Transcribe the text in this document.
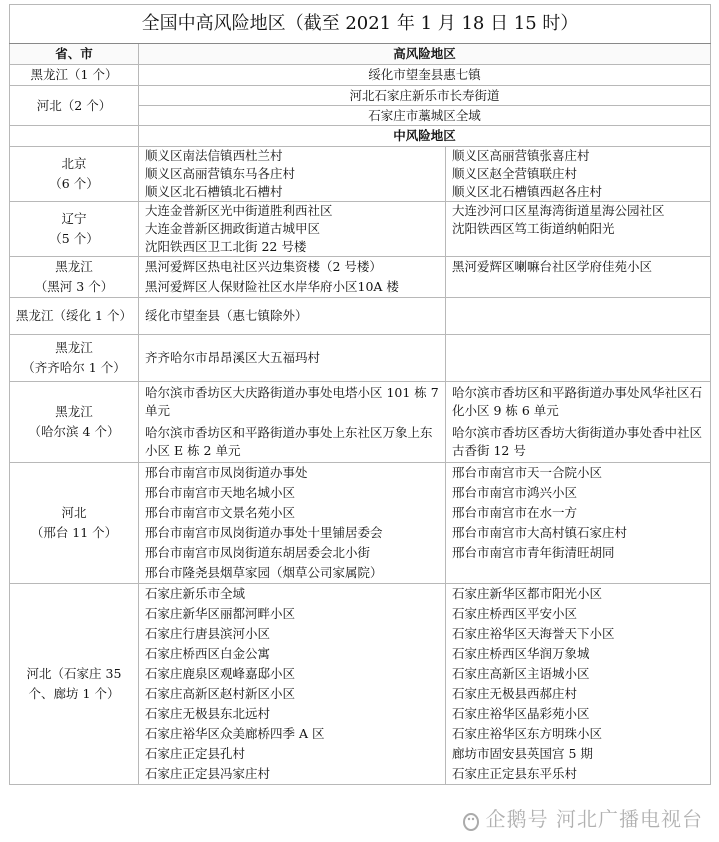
全国中高风险地区（截至 2021 年 1 月 18 日 15 时）		
省、市	高风险地区	
黑龙江（1 个）	绥化市望奎县惠七镇	
河北（2 个）	河北石家庄新乐市长寿街道	
	石家庄市藁城区全域	
	中风险地区	
北京
（6 个）	顺义区南法信镇西杜兰村	顺义区高丽营镇张喜庄村
	顺义区高丽营镇东马各庄村	顺义区赵全营镇联庄村
	顺义区北石槽镇北石槽村	顺义区北石槽镇西赵各庄村
辽宁
（5 个）	大连金普新区光中街道胜利西社区	大连沙河口区星海湾街道星海公园社区
	大连金普新区拥政街道古城甲区	沈阳铁西区笃工街道纳帕阳光
	沈阳铁西区卫工北街 22 号楼	
黑龙江
（黑河 3 个）	黑河爱辉区热电社区兴边集资楼（2 号楼）	黑河爱辉区喇嘛台社区学府佳苑小区
	黑河爱辉区人保财险社区水岸华府小区10A 楼	
黑龙江（绥化 1 个）	绥化市望奎县（惠七镇除外）	
黑龙江
（齐齐哈尔 1 个）	齐齐哈尔市昂昂溪区大五福玛村	
黑龙江
（哈尔滨 4 个）	哈尔滨市香坊区大庆路街道办事处电塔小区 101 栋 7 单元	哈尔滨市香坊区和平路街道办事处风华社区石化小区 9 栋 6 单元
	哈尔滨市香坊区和平路街道办事处上东社区万象上东小区 E 栋 2 单元	哈尔滨市香坊区香坊大街街道办事处香中社区古香街 12 号
河北
（邢台 11 个）	邢台市南宫市凤岗街道办事处	邢台市南宫市天一合院小区
	邢台市南宫市天地名城小区	邢台市南宫市鸿兴小区
	邢台市南宫市文景名苑小区	邢台市南宫市在水一方
	邢台市南宫市凤岗街道办事处十里铺居委会	邢台市南宫市大高村镇石家庄村
	邢台市南宫市凤岗街道东胡居委会北小街	邢台市南宫市青年街清旺胡同
	邢台市隆尧县烟草家园（烟草公司家属院）	
河北（石家庄 35
个、廊坊 1 个）	石家庄新乐市全域	石家庄新华区都市阳光小区
	石家庄新华区丽都河畔小区	石家庄桥西区平安小区
	石家庄行唐县滨河小区	石家庄裕华区天海誉天下小区
	石家庄桥西区白金公寓	石家庄桥西区华润万象城
	石家庄鹿泉区观峰嘉邸小区	石家庄高新区主语城小区
	石家庄高新区赵村新区小区	石家庄无极县西郝庄村
	石家庄无极县东北远村	石家庄裕华区晶彩苑小区
	石家庄裕华区众美廊桥四季 A 区	石家庄裕华区东方明珠小区
	石家庄正定县孔村	廊坊市固安县英国宫 5 期
	石家庄正定县冯家庄村	石家庄正定县东平乐村
企鹅号 河北广播电视台
